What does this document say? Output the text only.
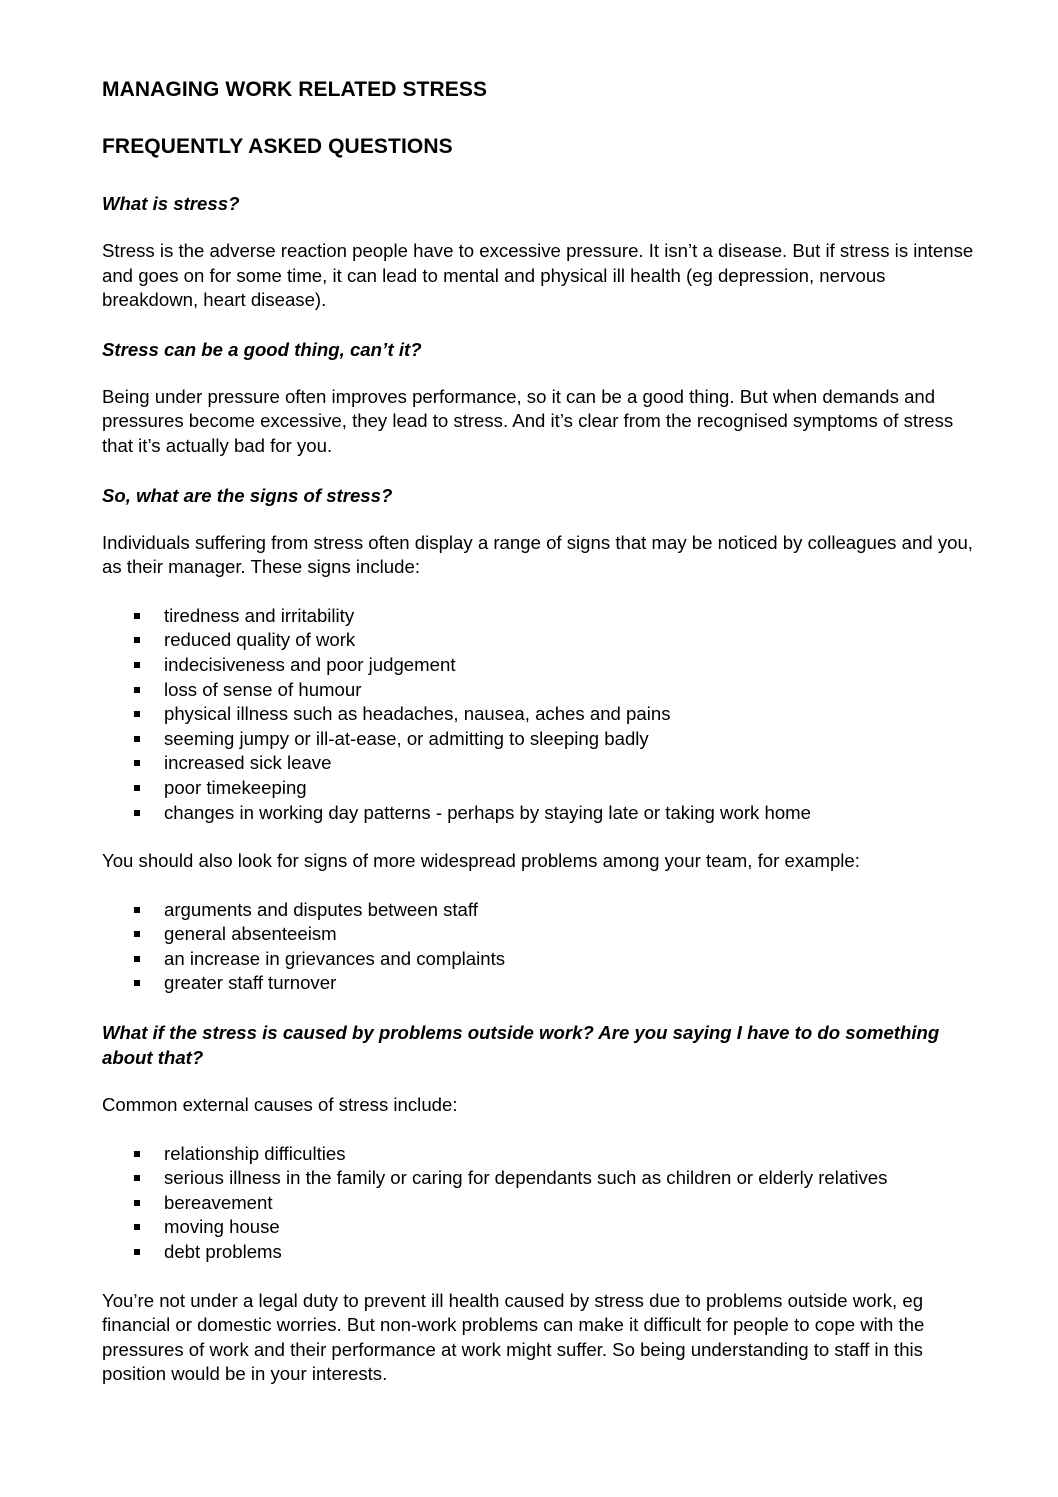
MANAGING WORK RELATED STRESS
FREQUENTLY ASKED QUESTIONS

What is stress?

Stress is the adverse reaction people have to excessive pressure. It isn’t a disease. But if stress is intense and goes on for some time, it can lead to mental and physical ill health (eg depression, nervous breakdown, heart disease).

Stress can be a good thing, can’t it?

Being under pressure often improves performance, so it can be a good thing. But when demands and pressures become excessive, they lead to stress. And it’s clear from the recognised symptoms of stress that it’s actually bad for you.

So, what are the signs of stress?

Individuals suffering from stress often display a range of signs that may be noticed by colleagues and you, as their manager. These signs include:

tiredness and irritability
reduced quality of work
indecisiveness and poor judgement
loss of sense of humour
physical illness such as headaches, nausea, aches and pains
seeming jumpy or ill-at-ease, or admitting to sleeping badly
increased sick leave
poor timekeeping
changes in working day patterns - perhaps by staying late or taking work home

You should also look for signs of more widespread problems among your team, for example:

arguments and disputes between staff
general absenteeism
an increase in grievances and complaints
greater staff turnover

What if the stress is caused by problems outside work? Are you saying I have to do something about that?

Common external causes of stress include:

relationship difficulties
serious illness in the family or caring for dependants such as children or elderly relatives
bereavement
moving house
debt problems

You’re not under a legal duty to prevent ill health caused by stress due to problems outside work, eg financial or domestic worries. But non-work problems can make it difficult for people to cope with the pressures of work and their performance at work might suffer. So being understanding to staff in this position would be in your interests.
